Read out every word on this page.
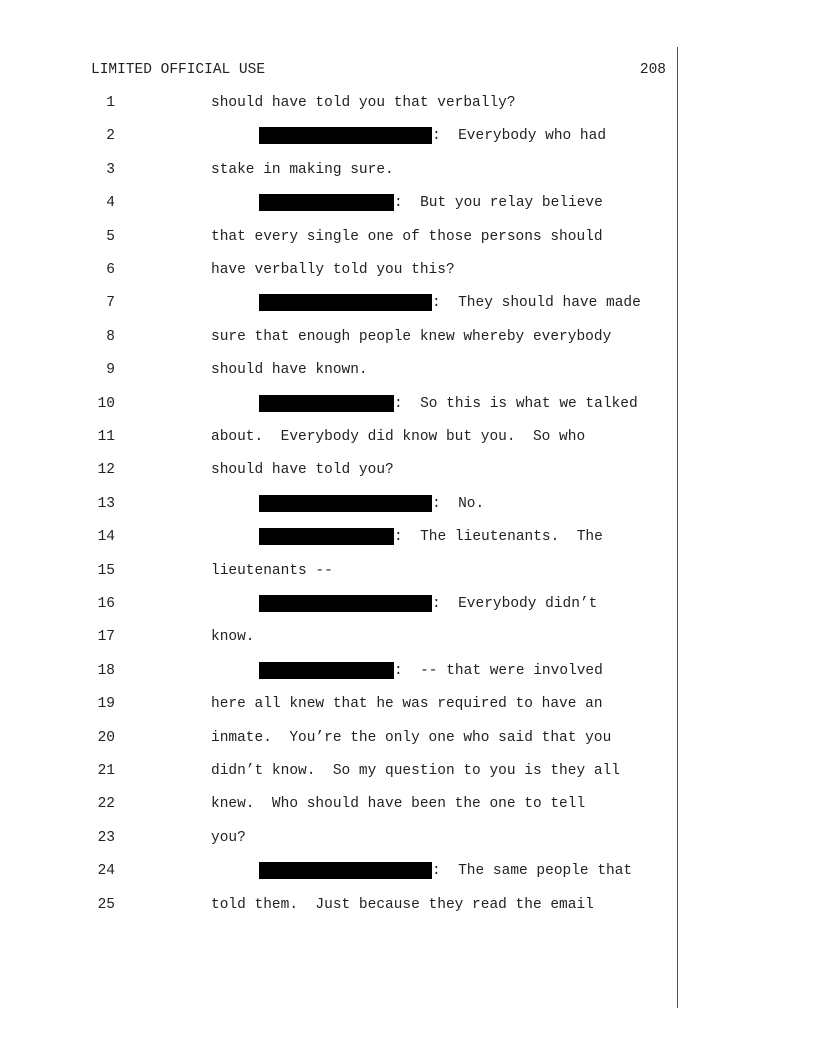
LIMITED OFFICIAL USE	208
1	should have told you that verbally?
2	:  Everybody who had
3	stake in making sure.
4	:  But you relay believe
5	that every single one of those persons should
6	have verbally told you this?
7	:  They should have made
8	sure that enough people knew whereby everybody
9	should have known.
10	:  So this is what we talked
11	about.  Everybody did know but you.  So who
12	should have told you?
13	:  No.
14	:  The lieutenants.  The
15	lieutenants --
16	:  Everybody didn’t
17	know.
18	:  -- that were involved
19	here all knew that he was required to have an
20	inmate.  You’re the only one who said that you
21	didn’t know.  So my question to you is they all
22	knew.  Who should have been the one to tell
23	you?
24	:  The same people that
25	told them.  Just because they read the email
